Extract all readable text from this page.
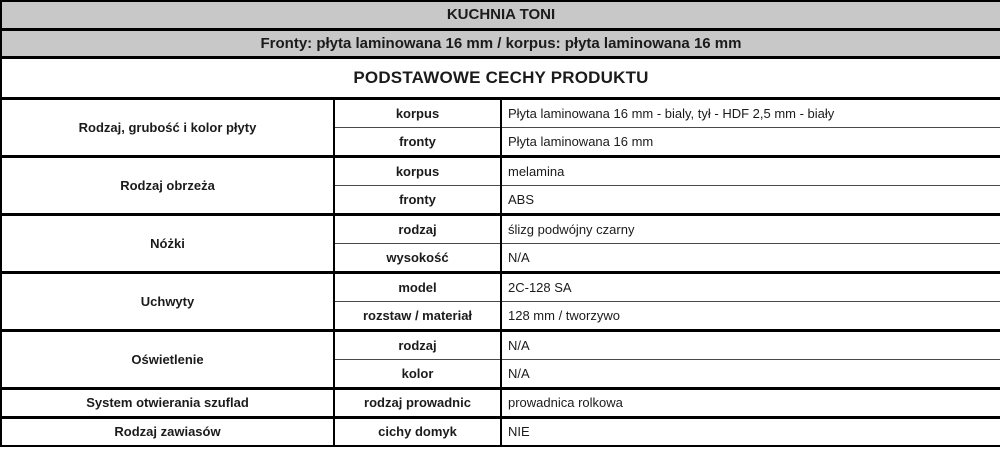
KUCHNIA TONI		
Fronty: płyta laminowana 16 mm / korpus: płyta laminowana 16 mm		
PODSTAWOWE CECHY PRODUKTU		
Rodzaj, grubość i kolor płyty	korpus	Płyta laminowana 16 mm - bialy, tył - HDF 2,5 mm - biały
	fronty	Płyta laminowana 16 mm
Rodzaj obrzeża	korpus	melamina
	fronty	ABS
Nóżki	rodzaj	ślizg podwójny czarny
	wysokość	N/A
Uchwyty	model	2C-128 SA
	rozstaw / materiał	128 mm / tworzywo
Oświetlenie	rodzaj	N/A
	kolor	N/A
System otwierania szuflad	rodzaj prowadnic	prowadnica rolkowa
Rodzaj zawiasów	cichy domyk	NIE
